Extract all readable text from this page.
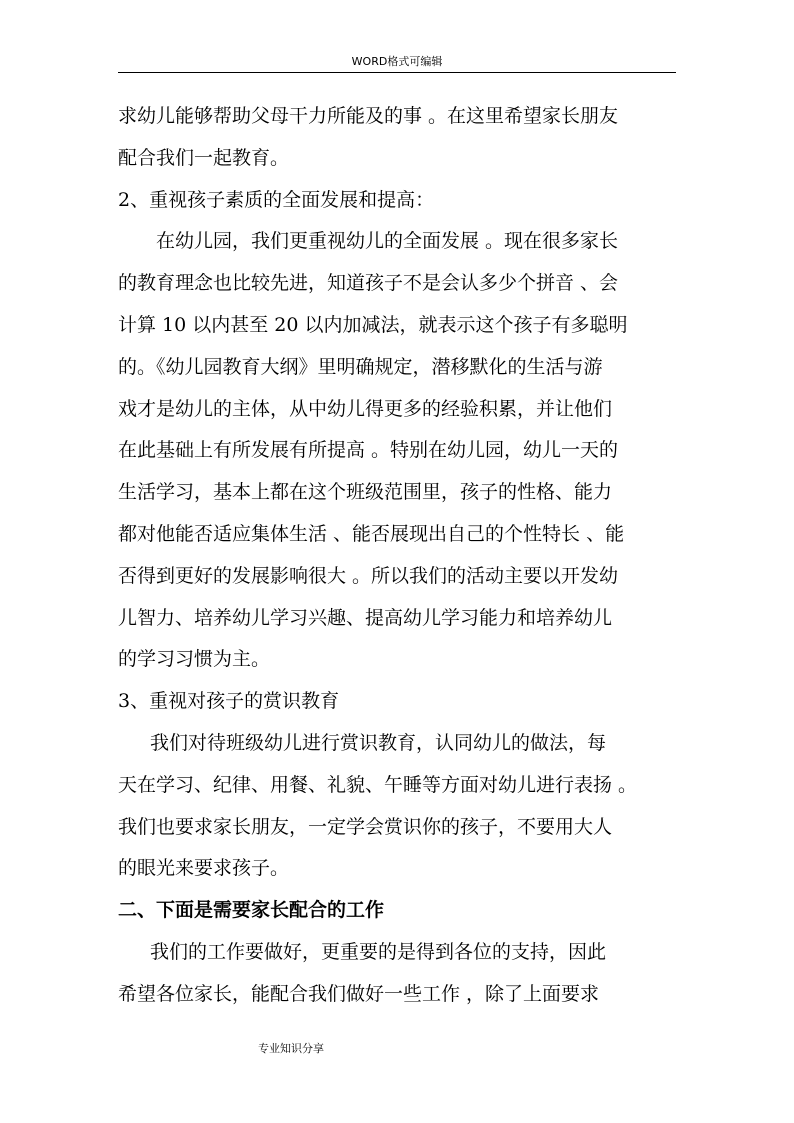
WORD格式可编辑
求幼儿能够帮助父母干力所能及的事 。在这里希望家长朋友
配合我们一起教育。
2、重视孩子素质的全面发展和提高：
在幼儿园，我们更重视幼儿的全面发展 。现在很多家长
的教育理念也比较先进，知道孩子不是会认多少个拼音 、会
计算 10 以内甚至 20 以内加减法，就表示这个孩子有多聪明
的。《幼儿园教育大纲》里明确规定，潜移默化的生活与游
戏才是幼儿的主体，从中幼儿得更多的经验积累，并让他们
在此基础上有所发展有所提高 。特别在幼儿园，幼儿一天的
生活学习，基本上都在这个班级范围里，孩子的性格、能力
都对他能否适应集体生活 、能否展现出自己的个性特长 、能
否得到更好的发展影响很大 。所以我们的活动主要以开发幼
儿智力、培养幼儿学习兴趣、提高幼儿学习能力和培养幼儿
的学习习惯为主。
3、重视对孩子的赏识教育
我们对待班级幼儿进行赏识教育，认同幼儿的做法，每
天在学习、纪律、用餐、礼貌、午睡等方面对幼儿进行表扬 。
我们也要求家长朋友，一定学会赏识你的孩子，不要用大人
的眼光来要求孩子。
二、下面是需要家长配合的工作
我们的工作要做好，更重要的是得到各位的支持，因此
希望各位家长，能配合我们做好一些工作 ，除了上面要求
专业知识分享
